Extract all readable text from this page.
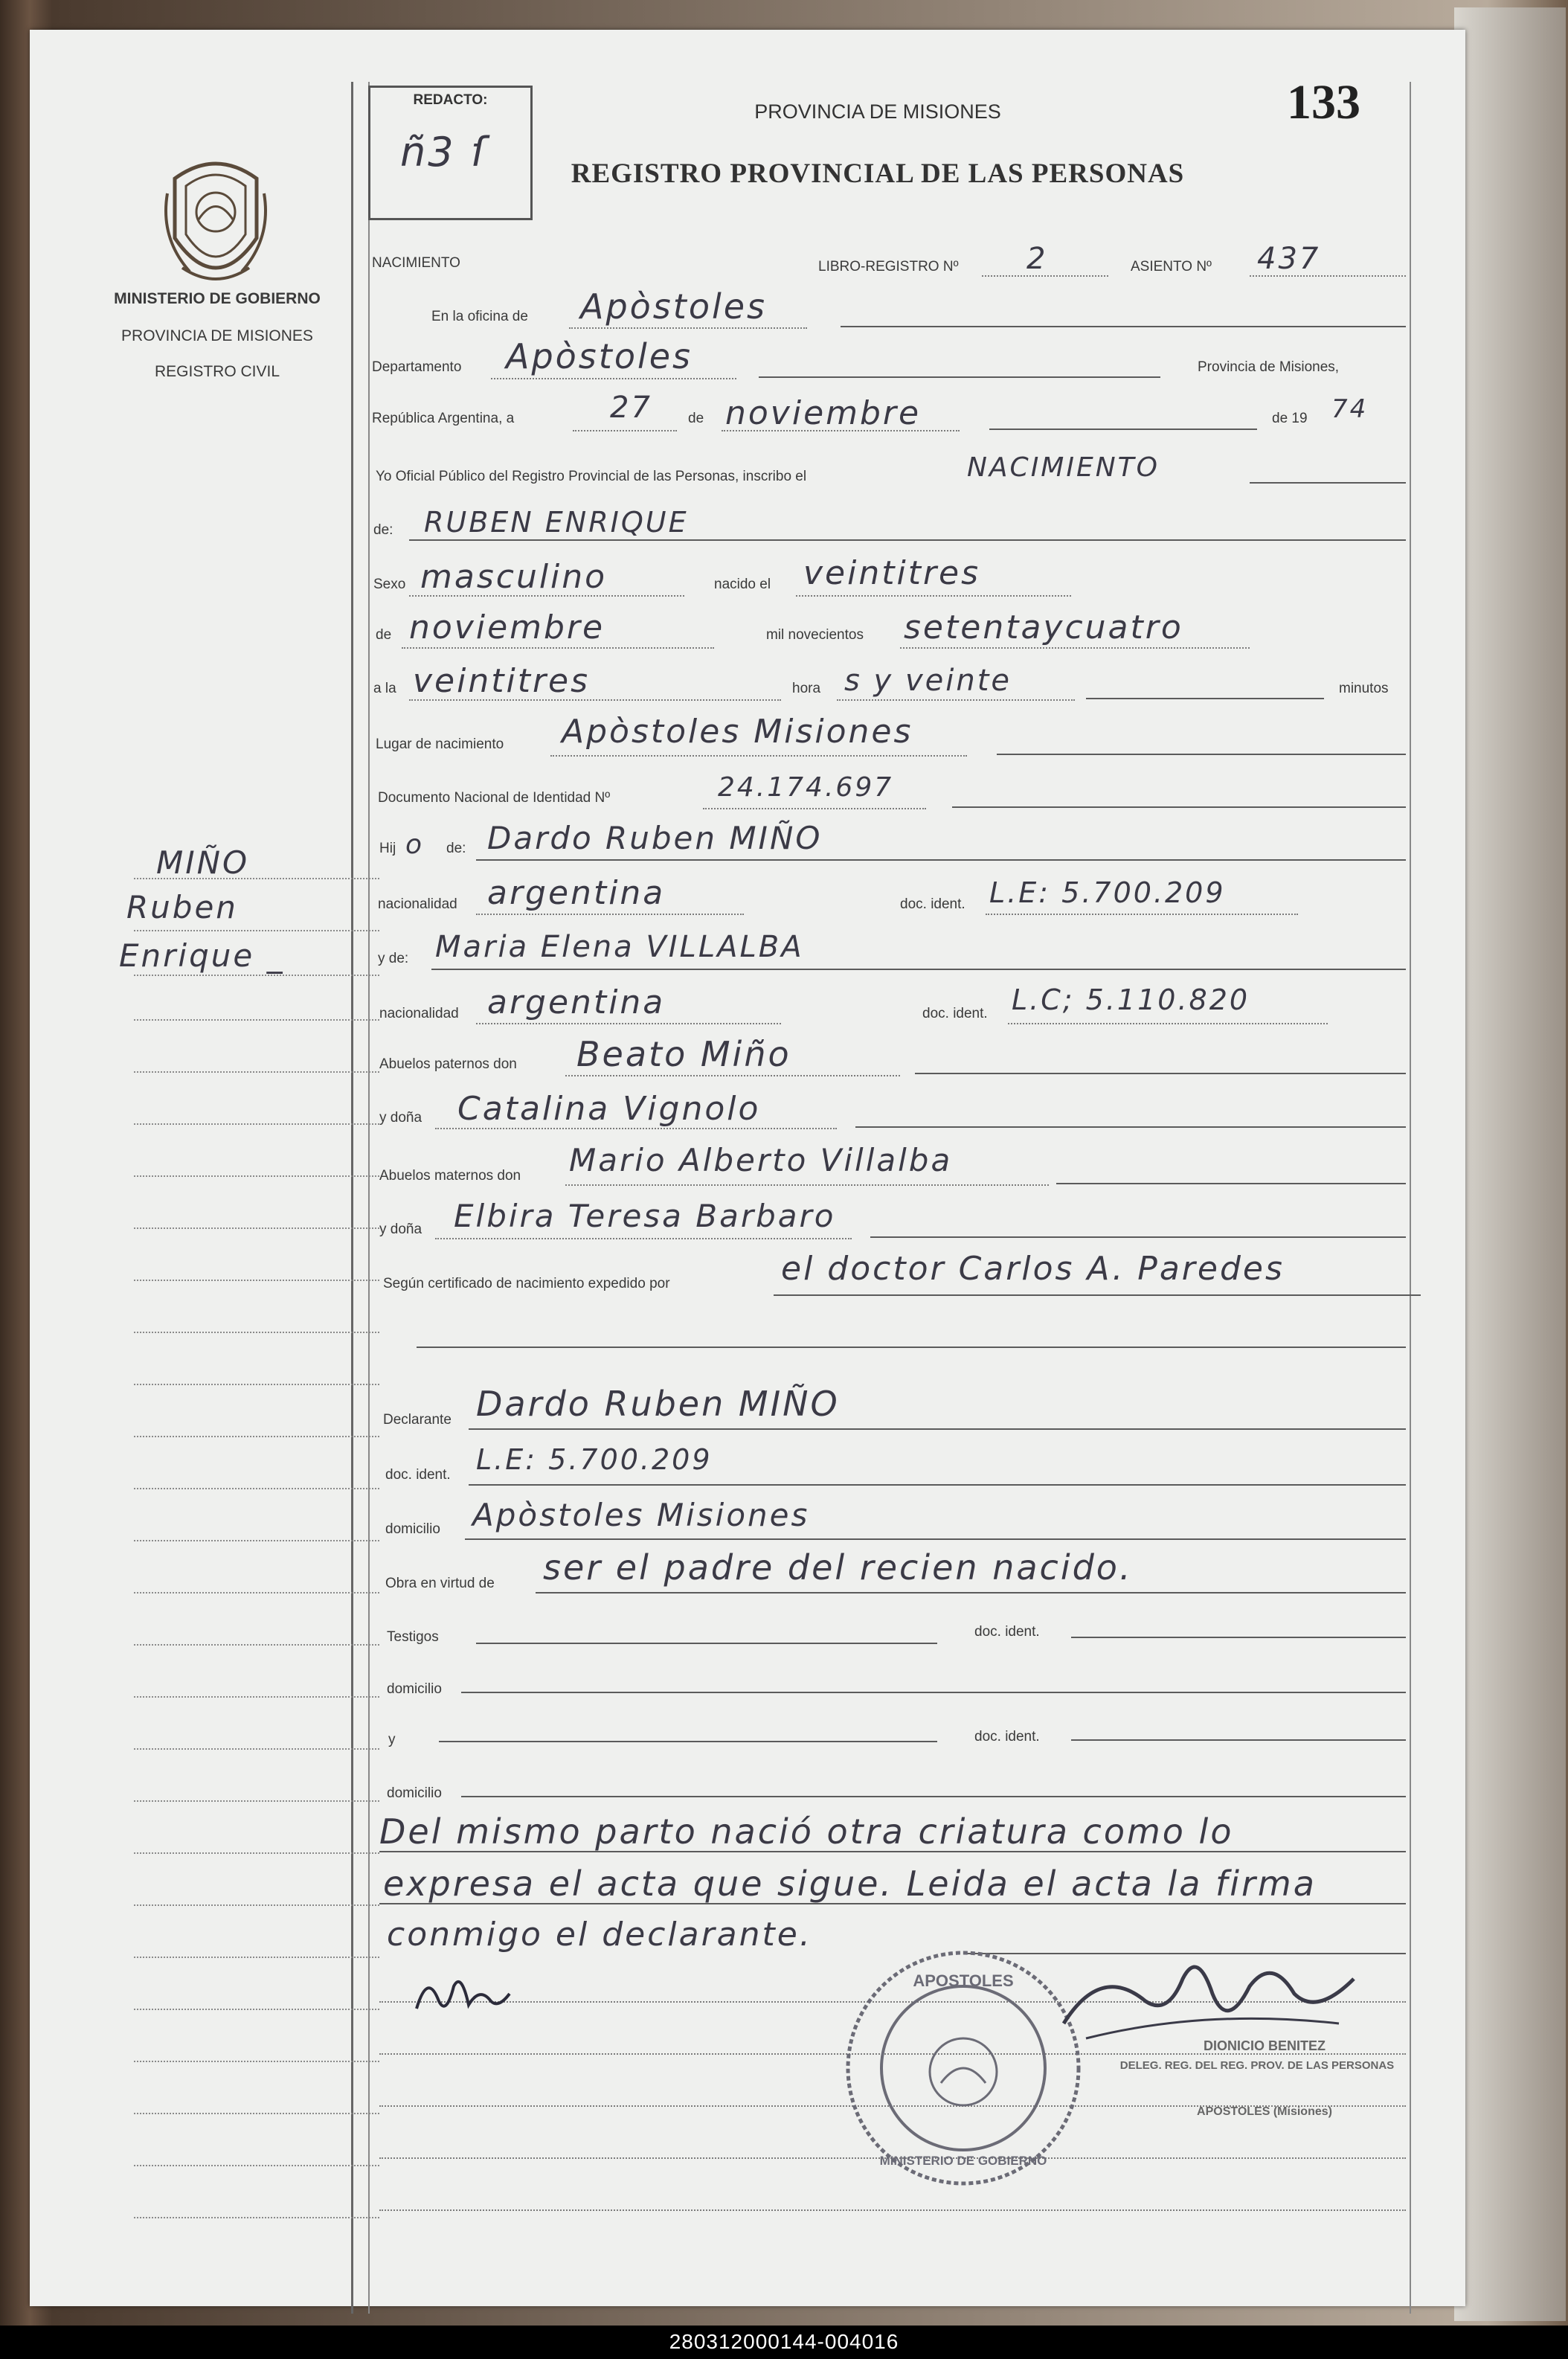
MINISTERIO DE GOBIERNO
PROVINCIA DE MISIONES
REGISTRO CIVIL
MIÑO
Ruben
Enrique _
REDACTO:
ñ3 ſ
PROVINCIA DE MISIONES
REGISTRO PROVINCIAL DE LAS PERSONAS
133
NACIMIENTO	LIBRO-REGISTRO Nº 2	ASIENTO Nº 437
En la oficina de Apòstoles
Departamento Apòstoles	Provincia de Misiones,
República Argentina, a	27	de noviembre	de 19 74
Yo Oficial Público del Registro Provincial de las Personas, inscribo el	NACIMIENTO
de: RUBEN ENRIQUE
Sexo masculino	nacido el veintitres
de noviembre	mil novecientos setentaycuatro
a la veintitres	hora s y veinte	minutos
Lugar de nacimiento Apòstoles Misiones
Documento Nacional de Identidad Nº	24.174.697
Hij o de: Dardo Ruben MIÑO
nacionalidad argentina	doc. ident. L.E: 5.700.209
y de: Maria Elena VILLALBA
nacionalidad argentina	doc. ident. L.C; 5.110.820
Abuelos paternos don Beato Miño
y doña Catalina Vignolo
Abuelos maternos don Mario Alberto Villalba
y doña Elbira Teresa Barbaro
Según certificado de nacimiento expedido por	el doctor Carlos A. Paredes
Declarante Dardo Ruben MIÑO
doc. ident. L.E: 5.700.209
domicilio Apòstoles Misiones
Obra en virtud de ser el padre del recien nacido.
Testigos	doc. ident.
domicilio
y	doc. ident.
domicilio
Del mismo parto nació otra criatura como lo
expresa el acta que sigue. Leida el acta la firma
conmigo el declarante.
APOSTOLES
MINISTERIO DE GOBIERNO
DIONICIO BENITEZ
DELEG. REG. DEL REG. PROV. DE LAS PERSONAS
APOSTOLES (Misiones)
280312000144-004016
